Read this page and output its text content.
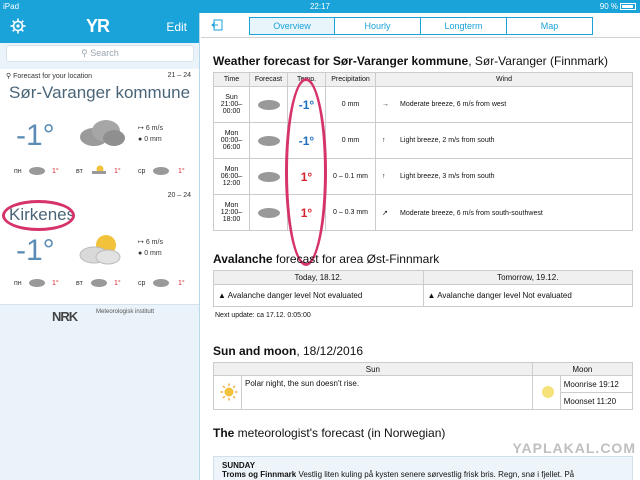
iPad	22:17	90 %
YR	Edit
⚲ Search
⚲ Forecast for your location	21 – 24
Sør-Varanger kommune
-1°	↦ 6 m/s
● 0 mm
пн	1° вт	1° ср	1°
20 – 24
Kirkenes
-1°	↦ 6 m/s
● 0 mm
пн	1° вт	1° ср	1°
NRK	Meteorologisk institutt
Overview	Hourly	Longterm	Map
Weather forecast for Sør-Varanger kommune, Sør-Varanger (Finnmark)
Time	Forecast	Temp.	Precipitation	Wind
Sun 21:00– 00:00		-1°	0 mm	→ Moderate breeze, 6 m/s from west
Mon 00:00– 06:00		-1°	0 mm	↑ Light breeze, 2 m/s from south
Mon 06:00– 12:00		1°	0 – 0.1 mm	↑ Light breeze, 3 m/s from south
Mon 12:00– 18:00		1°	0 – 0.3 mm	↗ Moderate breeze, 6 m/s from south-southwest
Avalanche forecast for area Øst-Finnmark
Today, 18.12.	Tomorrow, 19.12.
▲ Avalanche danger level Not evaluated	▲ Avalanche danger level Not evaluated
Next update: ca 17.12. 0:05:00
Sun and moon, 18/12/2016
Sun		Moon	
	Polar night, the sun doesn't rise.		Moonrise 19:12
			Moonset 11:20
The meteorologist's forecast (in Norwegian)
YAPLAKAL.COM
SUNDAY
Troms og Finnmark Vestlig liten kuling på kysten senere sørvestlig frisk bris. Regn, snø i fjellet. På
